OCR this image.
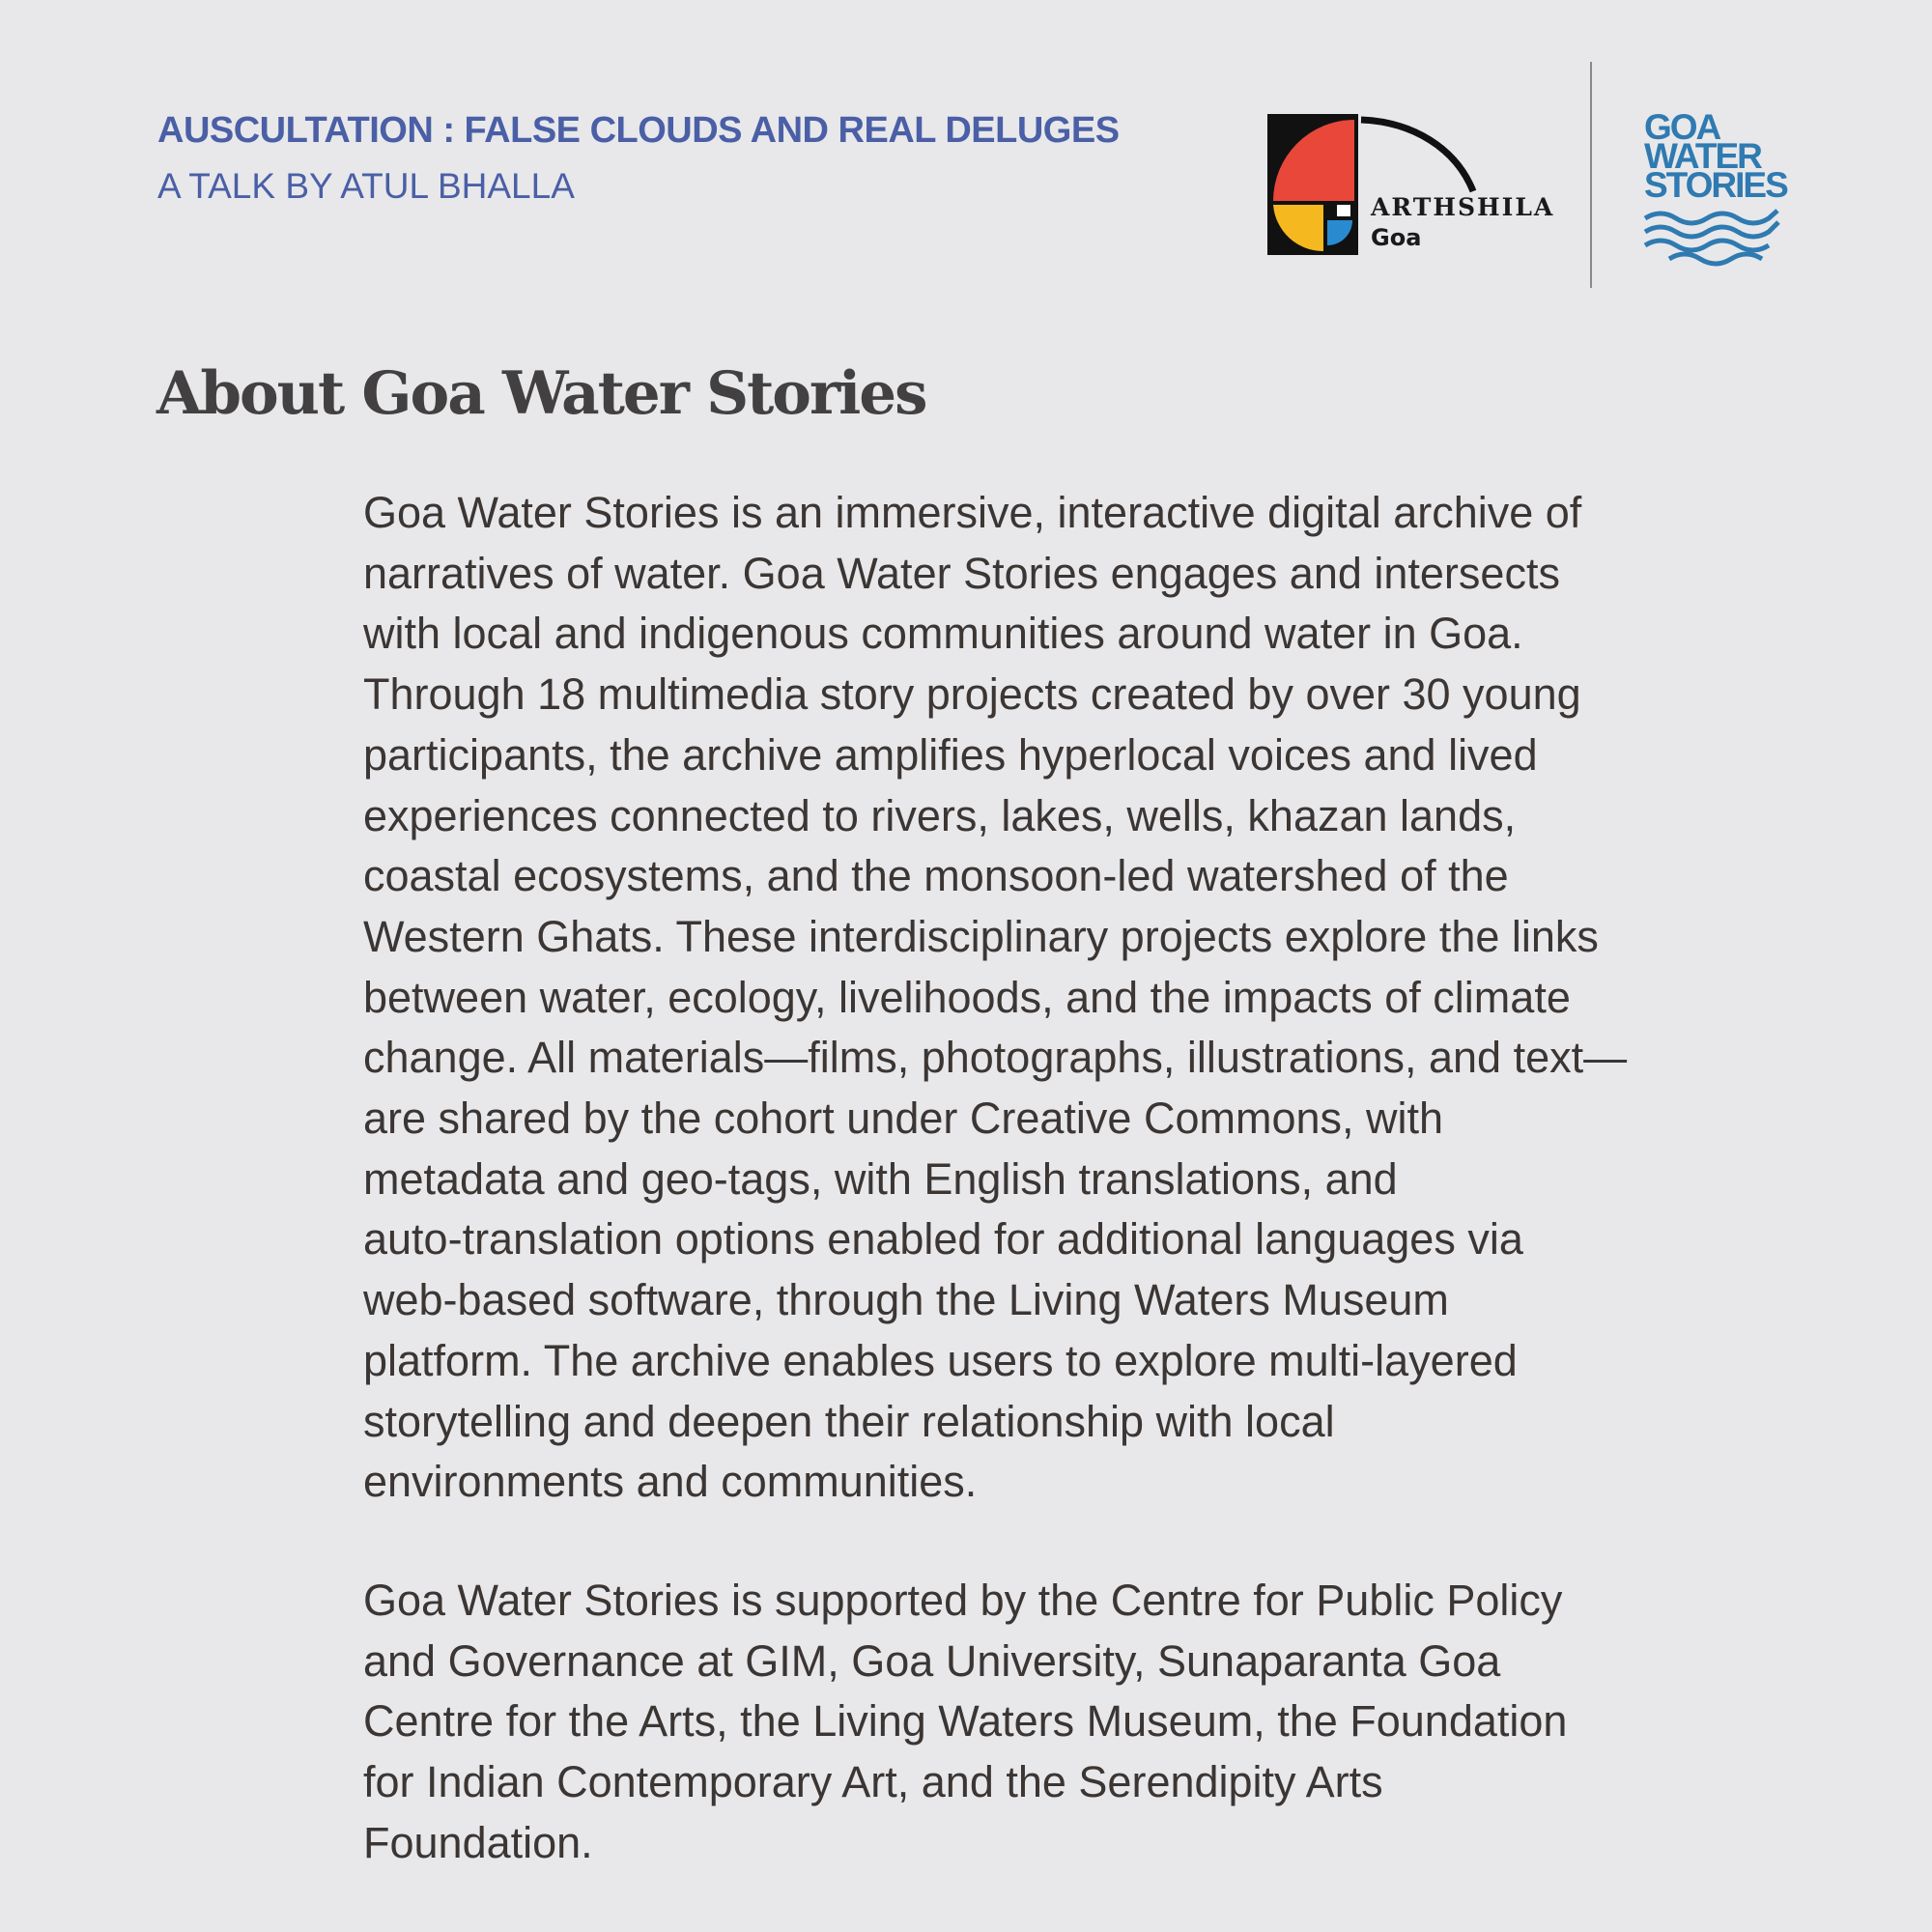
AUSCULTATION : FALSE CLOUDS AND REAL DELUGES
A TALK BY ATUL BHALLA
ARTHSHILA
Goa
GOA
WATER
STORIES
About Goa Water Stories

Goa Water Stories is an immersive, interactive digital archive of
narratives of water. Goa Water Stories engages and intersects
with local and indigenous communities around water in Goa.
Through 18 multimedia story projects created by over 30 young
participants, the archive amplifies hyperlocal voices and lived
experiences connected to rivers, lakes, wells, khazan lands,
coastal ecosystems, and the monsoon-led watershed of the
Western Ghats. These interdisciplinary projects explore the links
between water, ecology, livelihoods, and the impacts of climate
change. All materials—films, photographs, illustrations, and text—
are shared by the cohort under Creative Commons, with
metadata and geo-tags, with English translations, and
auto-translation options enabled for additional languages via
web-based software, through the Living Waters Museum
platform. The archive enables users to explore multi-layered
storytelling and deepen their relationship with local
environments and communities.

Goa Water Stories is supported by the Centre for Public Policy
and Governance at GIM, Goa University, Sunaparanta Goa
Centre for the Arts, the Living Waters Museum, the Foundation
for Indian Contemporary Art, and the Serendipity Arts
Foundation.
